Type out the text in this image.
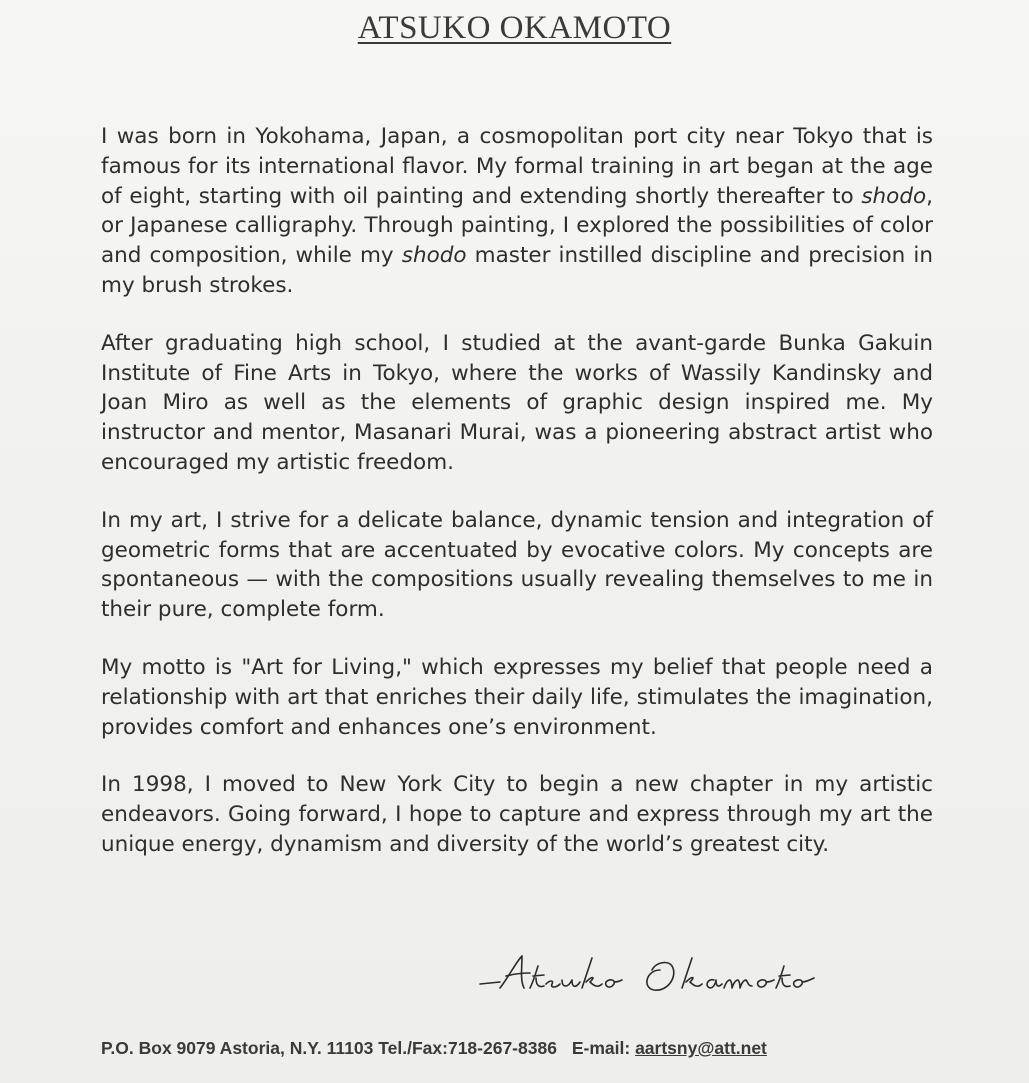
ATSUKO OKAMOTO

I was born in Yokohama, Japan, a cosmopolitan port city near Tokyo that is famous for its international flavor. My formal training in art began at the age of eight, starting with oil painting and extending shortly thereafter to shodo, or Japanese calligraphy. Through painting, I explored the possibilities of color and composition, while my shodo master instilled discipline and precision in my brush strokes.

After graduating high school, I studied at the avant-garde Bunka Gakuin Institute of Fine Arts in Tokyo, where the works of Wassily Kandinsky and Joan Miro as well as the elements of graphic design inspired me. My instructor and mentor, Masanari Murai, was a pioneering abstract artist who encouraged my artistic freedom.

In my art, I strive for a delicate balance, dynamic tension and integration of geometric forms that are accentuated by evocative colors. My concepts are spontaneous — with the compositions usually revealing themselves to me in their pure, complete form.

My motto is "Art for Living," which expresses my belief that people need a relationship with art that enriches their daily life, stimulates the imagination, provides comfort and enhances one’s environment.

In 1998, I moved to New York City to begin a new chapter in my artistic endeavors. Going forward, I hope to capture and express through my art the unique energy, dynamism and diversity of the world’s greatest city.

P.O. Box 9079 Astoria, N.Y. 11103 Tel./Fax:718-267-8386 E-mail: aartsny@att.net
